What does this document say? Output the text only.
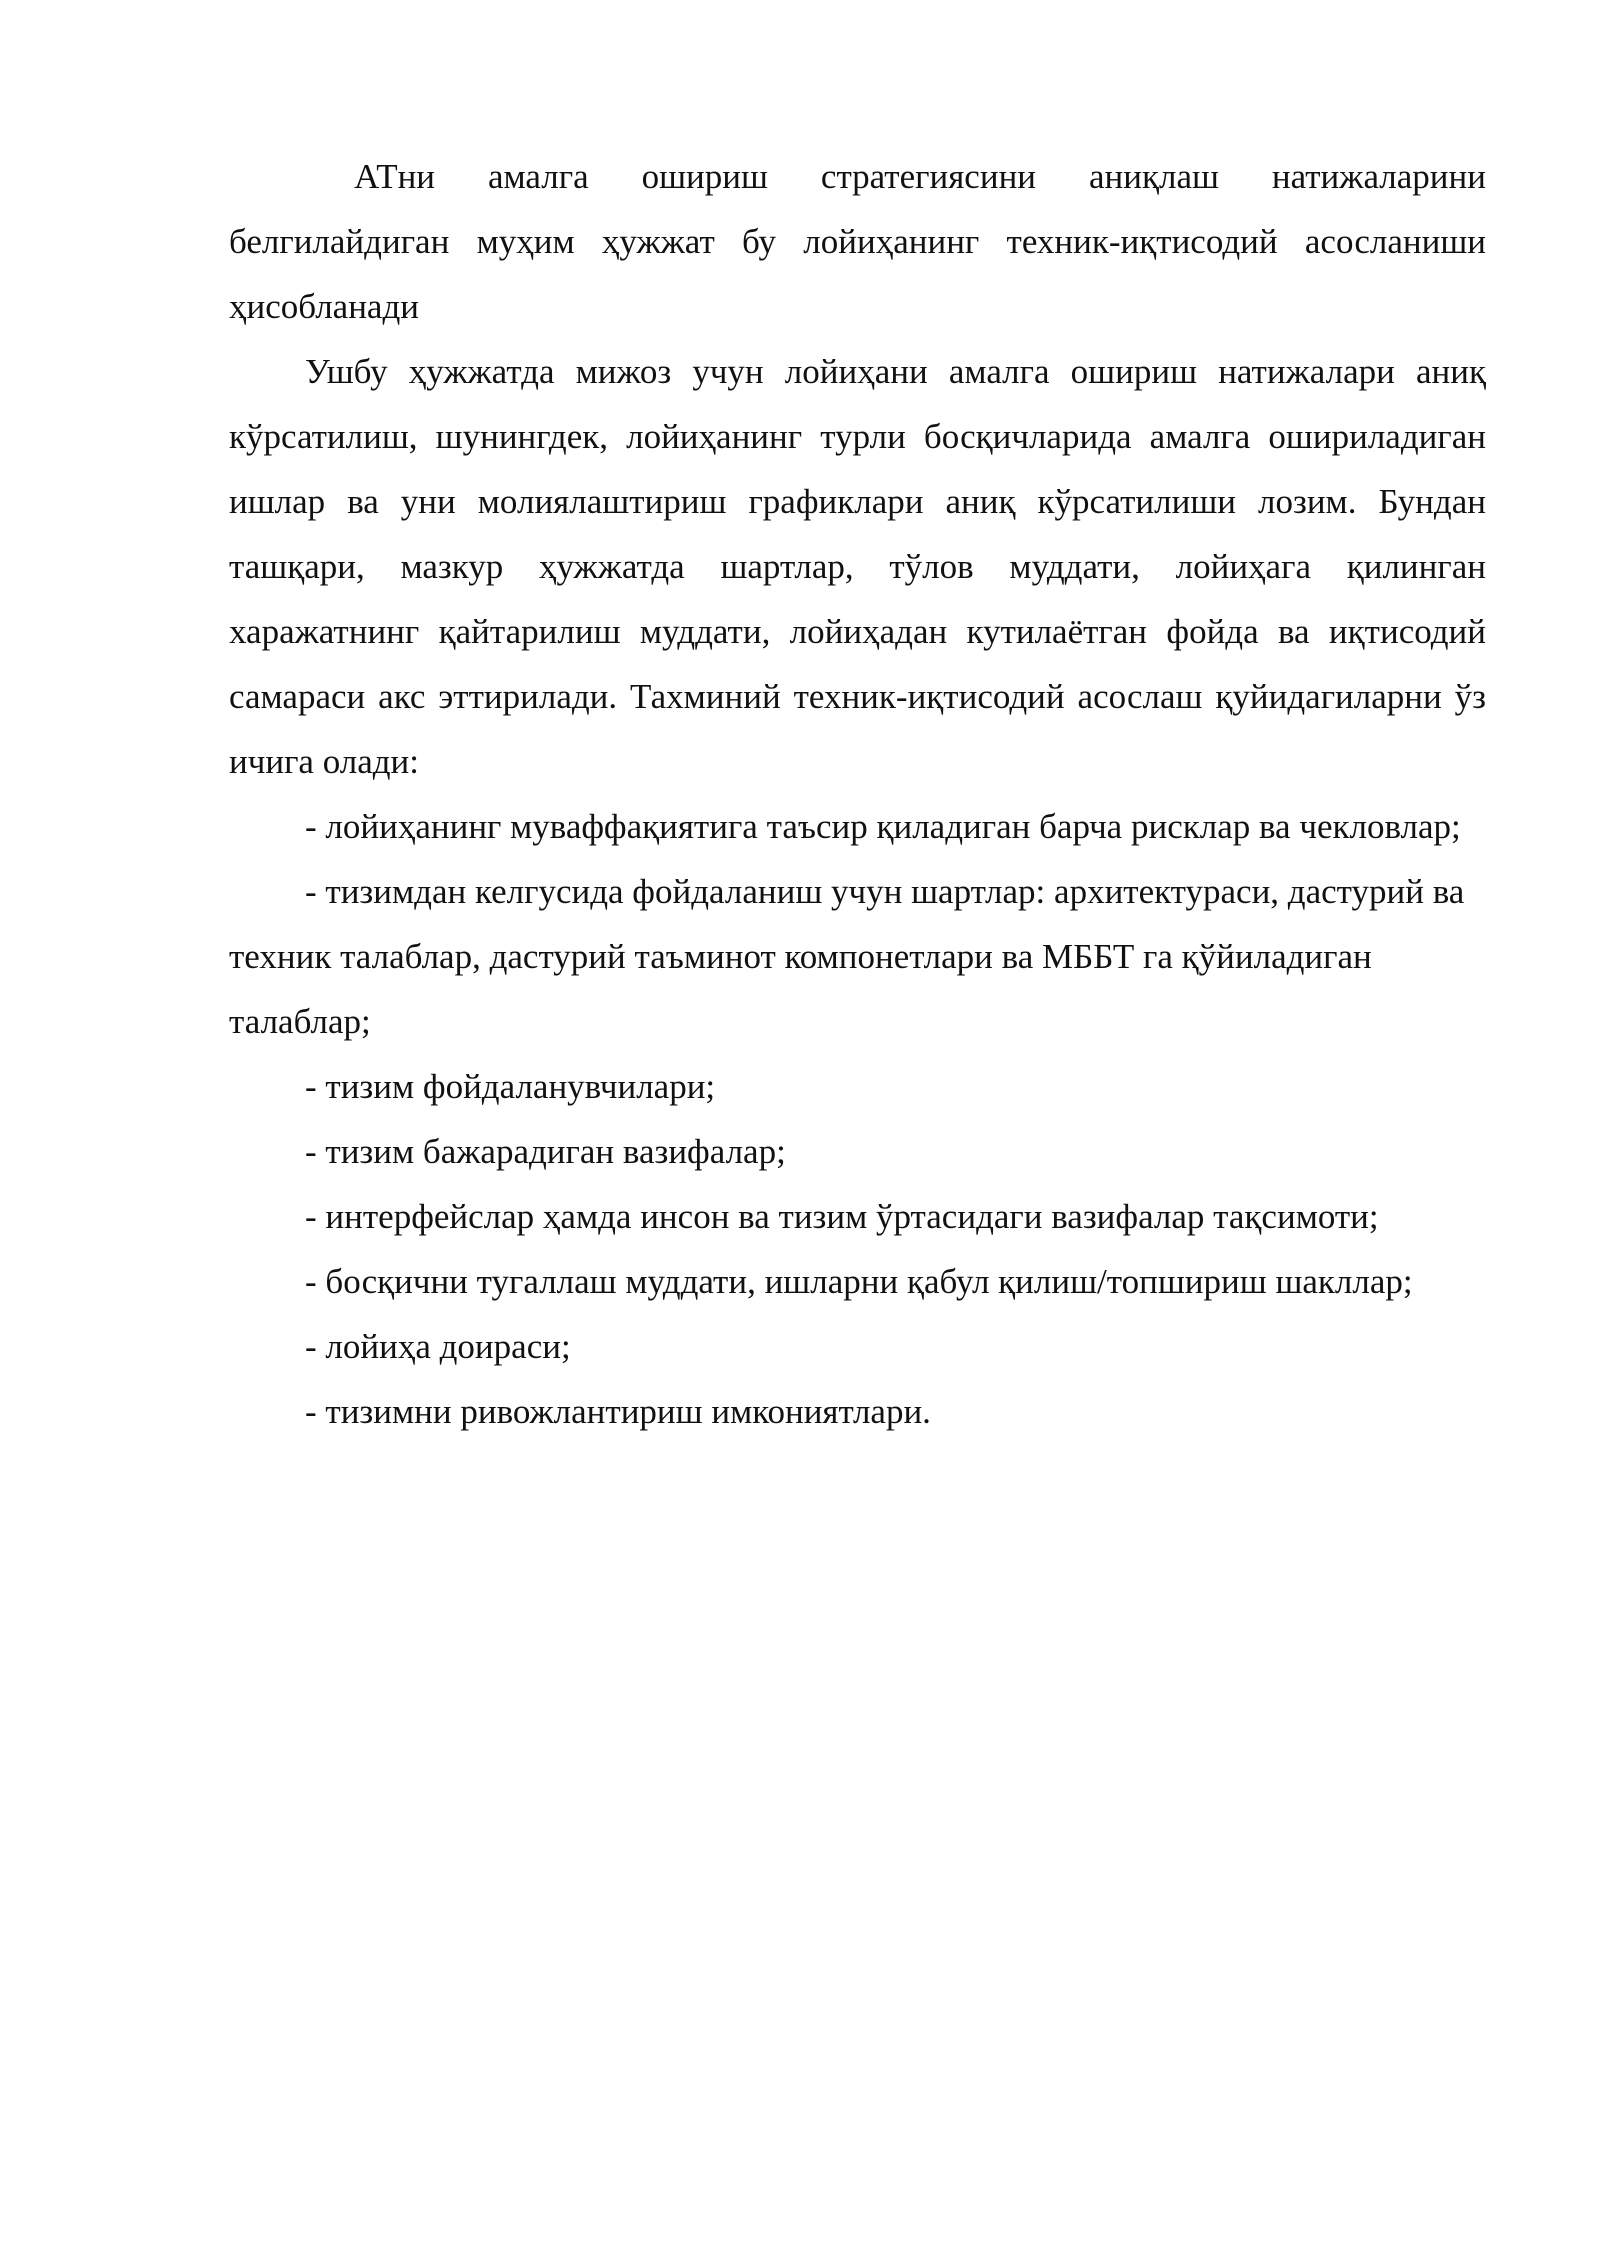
АТни амалга ошириш стратегиясини аниқлаш натижаларини белгилайдиган муҳим ҳужжат бу лойиҳанинг техник-иқтисодий асосланиши ҳисобланади

Ушбу ҳужжатда мижоз учун лойиҳани амалга ошириш натижалари аниқ кўрсатилиш, шунингдек, лойиҳанинг турли босқичларида амалга ошириладиган ишлар ва уни молиялаштириш графиклари аниқ кўрсатилиши лозим. Бундан ташқари, мазкур ҳужжатда шартлар, тўлов муддати, лойиҳага қилинган харажатнинг қайтарилиш муддати, лойиҳадан кутилаётган фойда ва иқтисодий самараси акс эттирилади. Тахминий техник-иқтисодий асослаш қуйидагиларни ўз ичига олади:

- лойиҳанинг муваффақиятига таъсир қиладиган барча рисклар ва чекловлар;

- тизимдан келгусида фойдаланиш учун шартлар: архитектураси, дастурий ва техник талаблар, дастурий таъминот компонетлари ва МББТ га қўйиладиган талаблар;

- тизим фойдаланувчилари;

- тизим бажарадиган вазифалар;

- интерфейслар ҳамда инсон ва тизим ўртасидаги вазифалар тақсимоти;

- босқични тугаллаш муддати, ишларни қабул қилиш/топшириш шакллар;

- лойиҳа доираси;

- тизимни ривожлантириш имкониятлари.
